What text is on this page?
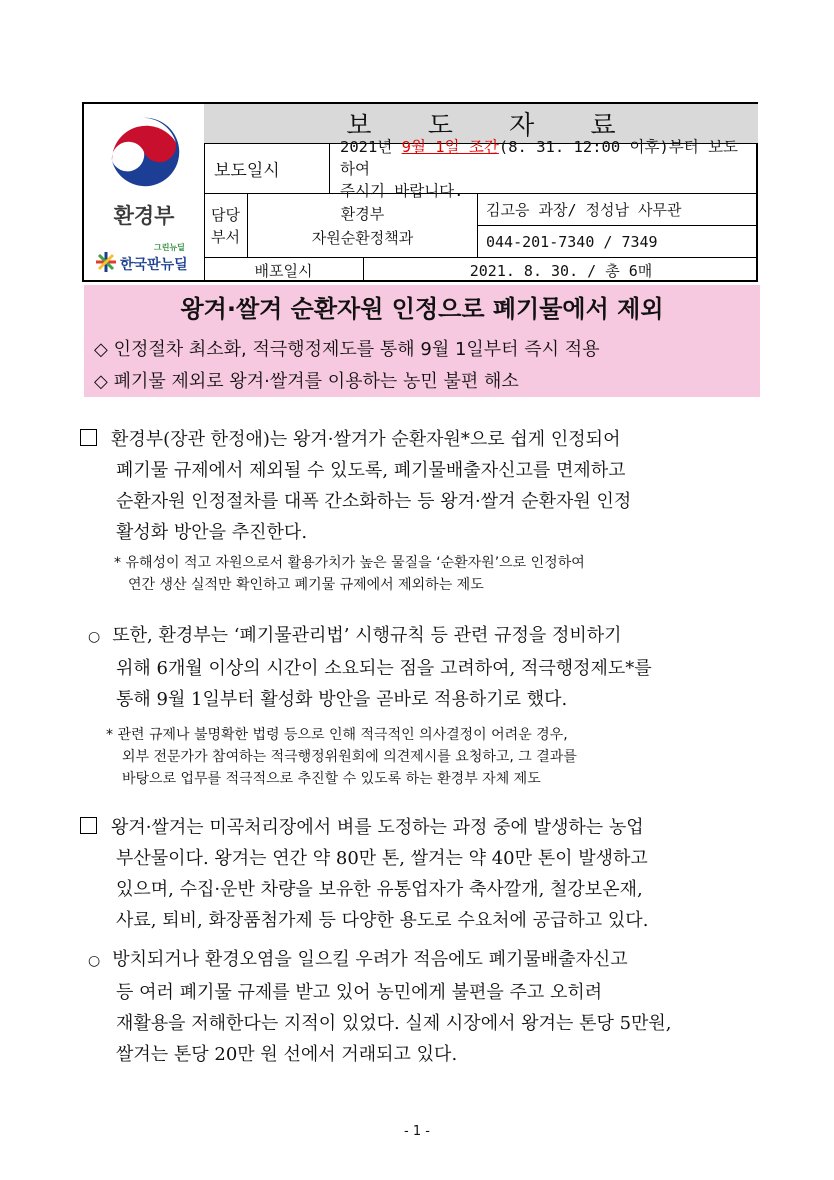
환경부
그린뉴딜
한국판뉴딜
보 도 자 료
보도일시
2021년 9월 1일 조간(8. 31. 12:00 이후)부터 보도하여
주시기 바랍니다.
담당
부서
환경부
자원순환정책과
김고응 과장/ 정성남 사무관
044-201-7340 / 7349
배포일시	2021. 8. 30. / 총 6매
왕겨·쌀겨 순환자원 인정으로 폐기물에서 제외
◇ 인정절차 최소화, 적극행정제도를 통해 9월 1일부터 즉시 적용
◇ 폐기물 제외로 왕겨·쌀겨를 이용하는 농민 불편 해소
환경부(장관 한정애)는 왕겨·쌀겨가 순환자원*으로 쉽게 인정되어
폐기물 규제에서 제외될 수 있도록, 폐기물배출자신고를 면제하고
순환자원 인정절차를 대폭 간소화하는 등 왕겨·쌀겨 순환자원 인정
활성화 방안을 추진한다.
* 유해성이 적고 자원으로서 활용가치가 높은 물질을 ‘순환자원’으로 인정하여
연간 생산 실적만 확인하고 폐기물 규제에서 제외하는 제도
○ 또한, 환경부는 ‘폐기물관리법’ 시행규칙 등 관련 규정을 정비하기
위해 6개월 이상의 시간이 소요되는 점을 고려하여, 적극행정제도*를
통해 9월 1일부터 활성화 방안을 곧바로 적용하기로 했다.
* 관련 규제나 불명확한 법령 등으로 인해 적극적인 의사결정이 어려운 경우,
외부 전문가가 참여하는 적극행정위원회에 의견제시를 요청하고, 그 결과를
바탕으로 업무를 적극적으로 추진할 수 있도록 하는 환경부 자체 제도
왕겨·쌀겨는 미곡처리장에서 벼를 도정하는 과정 중에 발생하는 농업
부산물이다. 왕겨는 연간 약 80만 톤, 쌀겨는 약 40만 톤이 발생하고
있으며, 수집·운반 차량을 보유한 유통업자가 축사깔개, 철강보온재,
사료, 퇴비, 화장품첨가제 등 다양한 용도로 수요처에 공급하고 있다.
○ 방치되거나 환경오염을 일으킬 우려가 적음에도 폐기물배출자신고
등 여러 폐기물 규제를 받고 있어 농민에게 불편을 주고 오히려
재활용을 저해한다는 지적이 있었다. 실제 시장에서 왕겨는 톤당 5만원,
쌀겨는 톤당 20만 원 선에서 거래되고 있다.
- 1 -
